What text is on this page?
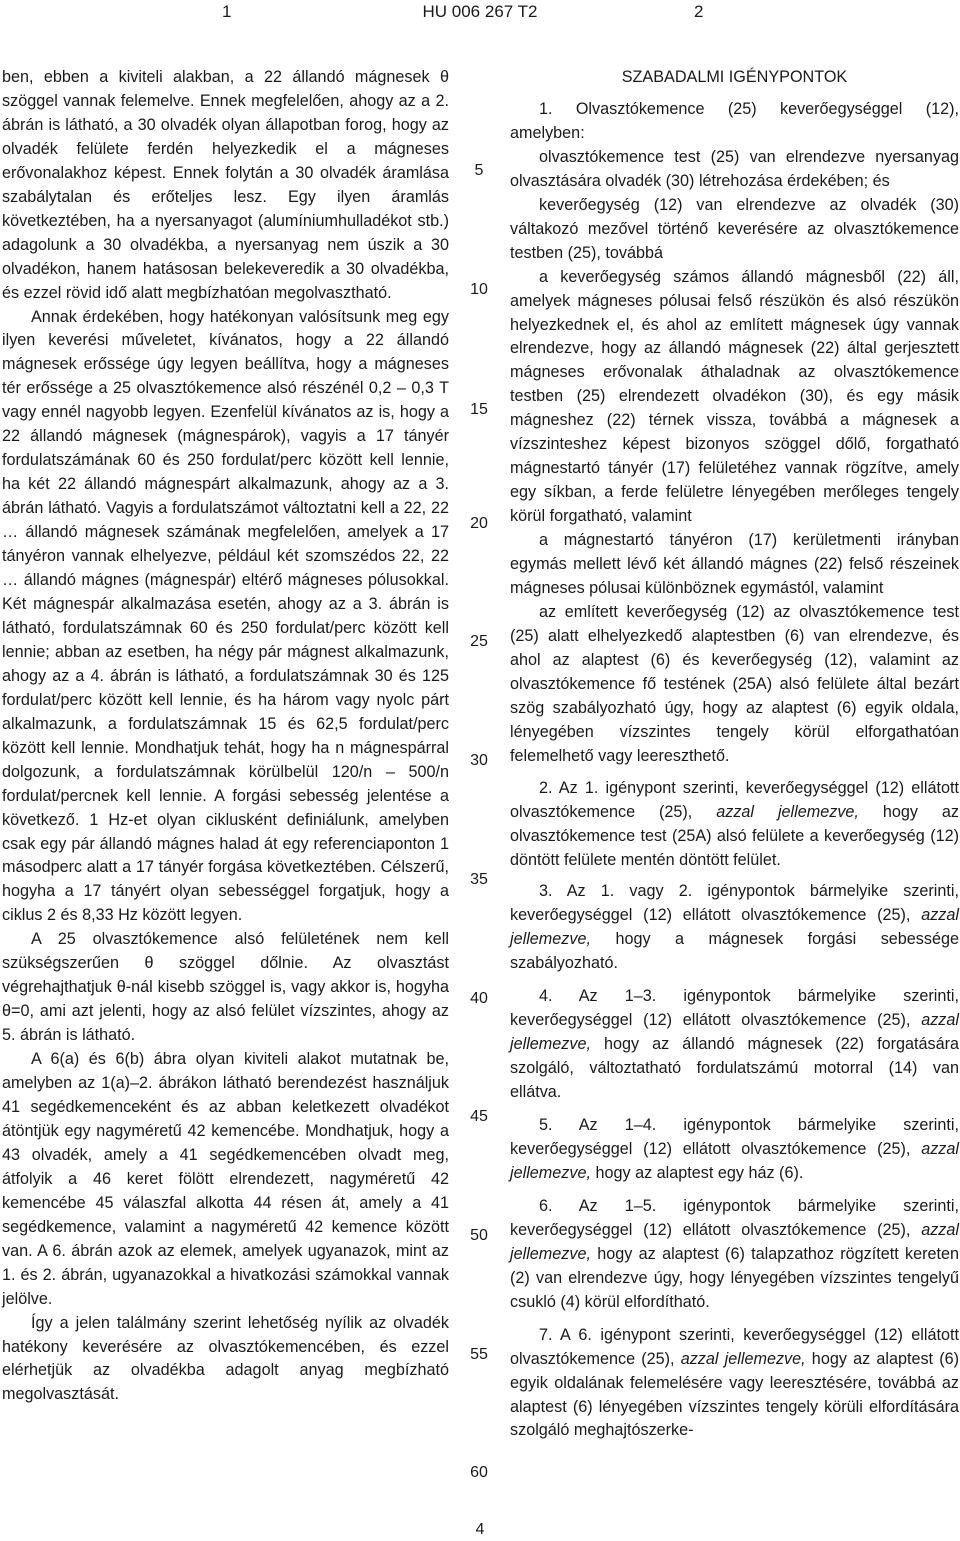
1	HU 006 267 T2	2

ben, ebben a kiviteli alakban, a 22 állandó mágnesek θ szöggel vannak felemelve. Ennek megfelelően, ahogy az a 2. ábrán is látható, a 30 olvadék olyan állapotban forog, hogy az olvadék felülete ferdén helyezkedik el a mágneses erővonalakhoz képest. Ennek folytán a 30 olvadék áramlása szabálytalan és erőteljes lesz. Egy ilyen áramlás következtében, ha a nyersanyagot (alumíniumhulladékot stb.) adagolunk a 30 olvadékba, a nyersanyag nem úszik a 30 olvadékon, hanem hatásosan belekeveredik a 30 olvadékba, és ezzel rövid idő alatt megbízhatóan megolvasztható.

Annak érdekében, hogy hatékonyan valósítsunk meg egy ilyen keverési műveletet, kívánatos, hogy a 22 állandó mágnesek erőssége úgy legyen beállítva, hogy a mágneses tér erőssége a 25 olvasztókemence alsó részénél 0,2 – 0,3 T vagy ennél nagyobb legyen. Ezenfelül kívánatos az is, hogy a 22 állandó mágnesek (mágnespárok), vagyis a 17 tányér fordulatszámának 60 és 250 fordulat/perc között kell lennie, ha két 22 állandó mágnespárt alkalmazunk, ahogy az a 3. ábrán látható. Vagyis a fordulatszámot változtatni kell a 22, 22 … állandó mágnesek számának megfelelően, amelyek a 17 tányéron vannak elhelyezve, például két szomszédos 22, 22 … állandó mágnes (mágnespár) eltérő mágneses pólusokkal. Két mágnespár alkalmazása esetén, ahogy az a 3. ábrán is látható, fordulatszámnak 60 és 250 fordulat/perc között kell lennie; abban az esetben, ha négy pár mágnest alkalmazunk, ahogy az a 4. ábrán is látható, a fordulatszámnak 30 és 125 fordulat/perc között kell lennie, és ha három vagy nyolc párt alkalmazunk, a fordulatszámnak 15 és 62,5 fordulat/perc között kell lennie. Mondhatjuk tehát, hogy ha n mágnespárral dolgozunk, a fordulatszámnak körülbelül 120/n – 500/n fordulat/percnek kell lennie. A forgási sebesség jelentése a következő. 1 Hz-et olyan ciklusként definiálunk, amelyben csak egy pár állandó mágnes halad át egy referenciaponton 1 másodperc alatt a 17 tányér forgása következtében. Célszerű, hogyha a 17 tányért olyan sebességgel forgatjuk, hogy a ciklus 2 és 8,33 Hz között legyen.

A 25 olvasztókemence alsó felületének nem kell szükségszerűen θ szöggel dőlnie. Az olvasztást végrehajthatjuk θ-nál kisebb szöggel is, vagy akkor is, hogyha θ=0, ami azt jelenti, hogy az alsó felület vízszintes, ahogy az 5. ábrán is látható.

A 6(a) és 6(b) ábra olyan kiviteli alakot mutatnak be, amelyben az 1(a)–2. ábrákon látható berendezést használjuk 41 segédkemenceként és az abban keletkezett olvadékot átöntjük egy nagyméretű 42 kemencébe. Mondhatjuk, hogy a 43 olvadék, amely a 41 segédkemencében olvadt meg, átfolyik a 46 keret fölött elrendezett, nagyméretű 42 kemencébe 45 válaszfal alkotta 44 résen át, amely a 41 segédkemence, valamint a nagyméretű 42 kemence között van. A 6. ábrán azok az elemek, amelyek ugyanazok, mint az 1. és 2. ábrán, ugyanazokkal a hivatkozási számokkal vannak jelölve.

Így a jelen találmány szerint lehetőség nyílik az olvadék hatékony keverésére az olvasztókemencében, és ezzel elérhetjük az olvadékba adagolt anyag megbízható megolvasztását.

5
10
15
20
25
30
35
40
45
50
55
60

SZABADALMI IGÉNYPONTOK

1. Olvasztókemence (25) keverőegységgel (12), amelyben:

olvasztókemence test (25) van elrendezve nyersanyag olvasztására olvadék (30) létrehozása érdekében; és

keverőegység (12) van elrendezve az olvadék (30) váltakozó mezővel történő keverésére az olvasztókemence testben (25), továbbá

a keverőegység számos állandó mágnesből (22) áll, amelyek mágneses pólusai felső részükön és alsó részükön helyezkednek el, és ahol az említett mágnesek úgy vannak elrendezve, hogy az állandó mágnesek (22) által gerjesztett mágneses erővonalak áthaladnak az olvasztókemence testben (25) elrendezett olvadékon (30), és egy másik mágneshez (22) térnek vissza, továbbá a mágnesek a vízszinteshez képest bizonyos szöggel dőlő, forgatható mágnestartó tányér (17) felületéhez vannak rögzítve, amely egy síkban, a ferde felületre lényegében merőleges tengely körül forgatható, valamint

a mágnestartó tányéron (17) kerületmenti irányban egymás mellett lévő két állandó mágnes (22) felső részeinek mágneses pólusai különböznek egymástól, valamint

az említett keverőegység (12) az olvasztókemence test (25) alatt elhelyezkedő alaptestben (6) van elrendezve, és ahol az alaptest (6) és keverőegység (12), valamint az olvasztókemence fő testének (25A) alsó felülete által bezárt szög szabályozható úgy, hogy az alaptest (6) egyik oldala, lényegében vízszintes tengely körül elforgathatóan felemelhető vagy leereszthető.

2. Az 1. igénypont szerinti, keverőegységgel (12) ellátott olvasztókemence (25), azzal jellemezve, hogy az olvasztókemence test (25A) alsó felülete a keverőegység (12) döntött felülete mentén döntött felület.

3. Az 1. vagy 2. igénypontok bármelyike szerinti, keverőegységgel (12) ellátott olvasztókemence (25), azzal jellemezve, hogy a mágnesek forgási sebessége szabályozható.

4. Az 1–3. igénypontok bármelyike szerinti, keverőegységgel (12) ellátott olvasztókemence (25), azzal jellemezve, hogy az állandó mágnesek (22) forgatására szolgáló, változtatható fordulatszámú motorral (14) van ellátva.

5. Az 1–4. igénypontok bármelyike szerinti, keverőegységgel (12) ellátott olvasztókemence (25), azzal jellemezve, hogy az alaptest egy ház (6).

6. Az 1–5. igénypontok bármelyike szerinti, keverőegységgel (12) ellátott olvasztókemence (25), azzal jellemezve, hogy az alaptest (6) talapzathoz rögzített kereten (2) van elrendezve úgy, hogy lényegében vízszintes tengelyű csukló (4) körül elfordítható.

7. A 6. igénypont szerinti, keverőegységgel (12) ellátott olvasztókemence (25), azzal jellemezve, hogy az alaptest (6) egyik oldalának felemelésére vagy leeresztésére, továbbá az alaptest (6) lényegében vízszintes tengely körüli elfordítására szolgáló meghajtószerke-

4
